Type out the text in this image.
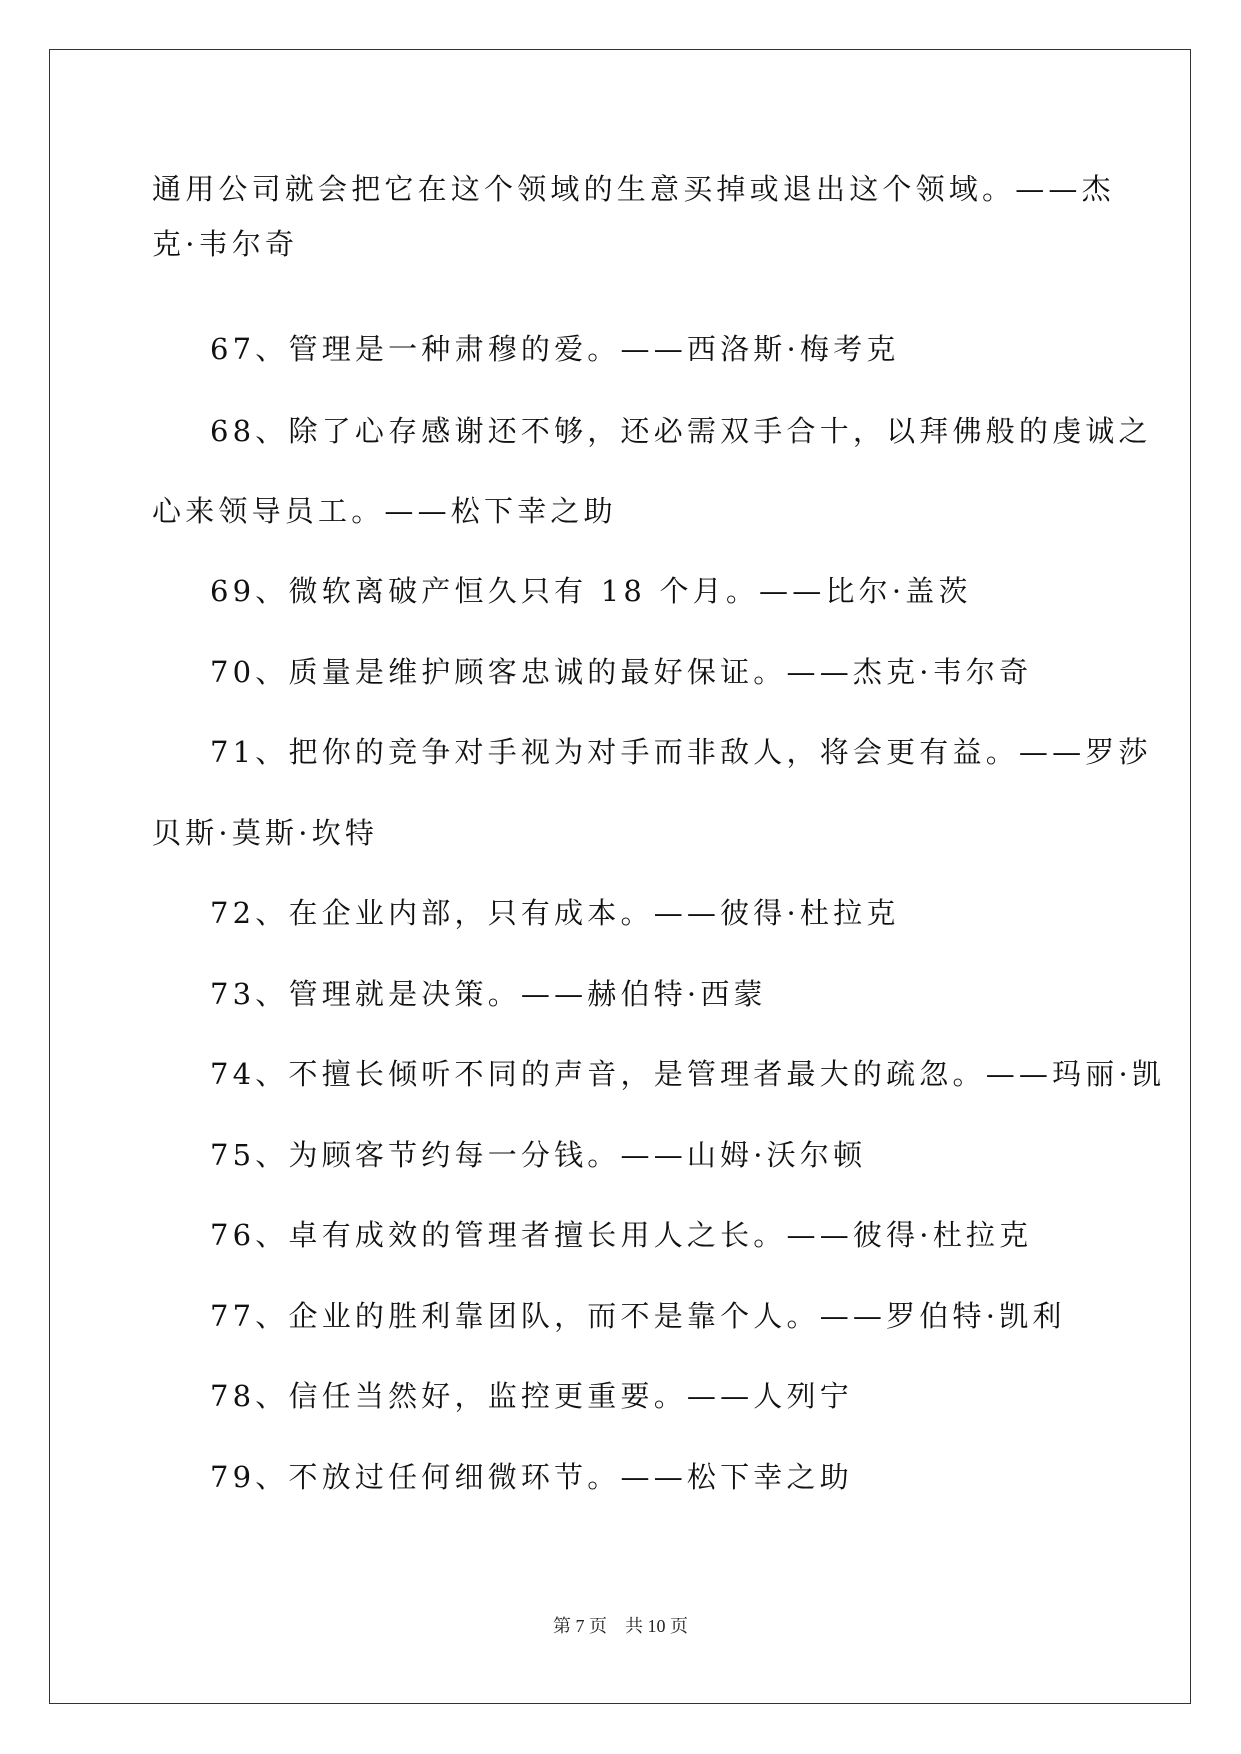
通用公司就会把它在这个领域的生意买掉或退出这个领域。——杰

克·韦尔奇

67、管理是一种肃穆的爱。——西洛斯·梅考克

68、除了心存感谢还不够，还必需双手合十，以拜佛般的虔诚之

心来领导员工。——松下幸之助

69、微软离破产恒久只有 18 个月。——比尔·盖茨

70、质量是维护顾客忠诚的最好保证。——杰克·韦尔奇

71、把你的竞争对手视为对手而非敌人，将会更有益。——罗莎

贝斯·莫斯·坎特

72、在企业内部，只有成本。——彼得·杜拉克

73、管理就是决策。——赫伯特·西蒙

74、不擅长倾听不同的声音，是管理者最大的疏忽。——玛丽·凯

75、为顾客节约每一分钱。——山姆·沃尔顿

76、卓有成效的管理者擅长用人之长。——彼得·杜拉克

77、企业的胜利靠团队，而不是靠个人。——罗伯特·凯利

78、信任当然好，监控更重要。——人列宁

79、不放过任何细微环节。——松下幸之助

第 7 页 共 10 页
